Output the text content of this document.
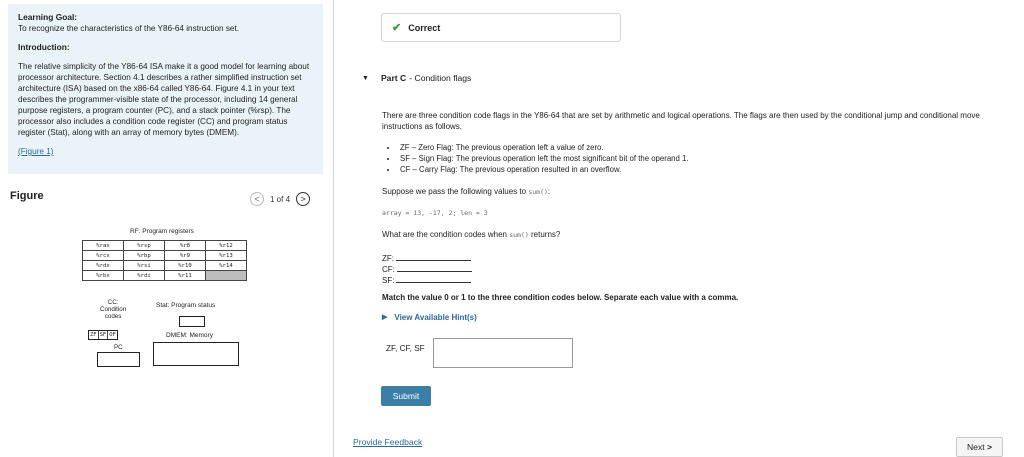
Learning Goal:

To recognize the characteristics of the Y86-64 instruction set.

Introduction:

The relative simplicity of the Y86-64 ISA make it a good model for learning about processor architecture. Section 4.1 describes a rather simplified instruction set architecture (ISA) based on the x86-64 called Y86-64. Figure 4.1 in your text describes the programmer-visible state of the processor, including 14 general purpose registers, a program counter (PC), and a stack pointer (%rsp). The processor also includes a condition code register (CC) and program status register (Stat), along with an array of memory bytes (DMEM).

(Figure 1)

Figure	<	1 of 4	>
RF: Program registers
%rax	%rsp	%r8	%r12
%rcx	%rbp	%r9	%r13
%rdx	%rsi	%r10	%r14
%rbx	%rdi	%r11	
CC:
Condition
codes
Stat: Program status
ZF SF OF
PC
DMEM: Memory
✔ Correct
▼ Part C - Condition flags
There are three condition code flags in the Y86-64 that are set by arithmetic and logical operations. The flags are then used by the conditional jump and conditional move instructions as follows.
• ZF – Zero Flag: The previous operation left a value of zero.
• SF – Sign Flag: The previous operation left the most significant bit of the operand 1.
• CF – Carry Flag: The previous operation resulted in an overflow.
Suppose we pass the following values to sum():
array = 13, -17, 2; len = 3
What are the condition codes when sum() returns?
ZF:
CF:
SF:
Match the value 0 or 1 to the three condition codes below. Separate each value with a comma.
▶ View Available Hint(s)
ZF, CF, SF
Submit
Provide Feedback	Next
>
